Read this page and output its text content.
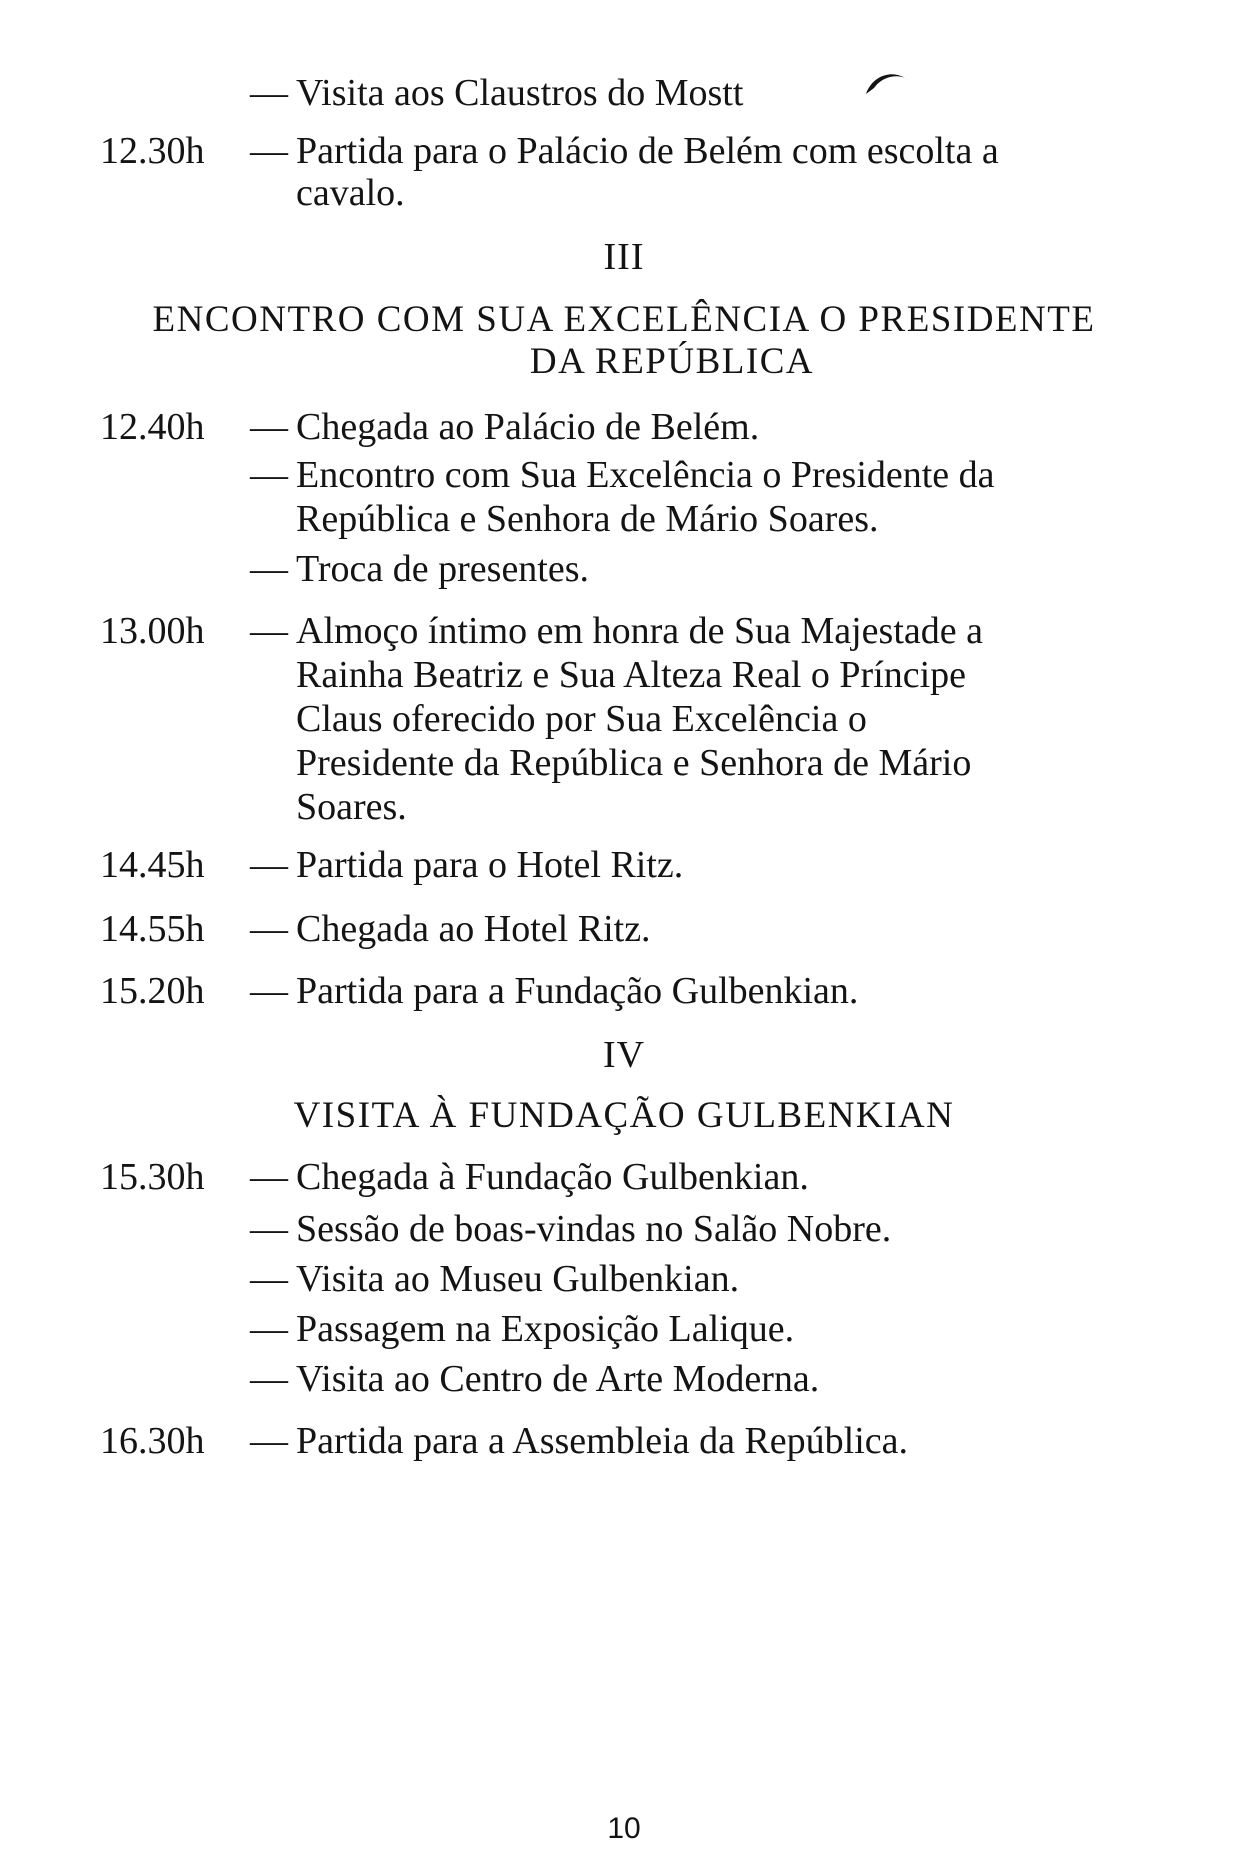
— Visita aos Claustros do Mostt
12.30h	— Partida para o Palácio de Belém com escolta a
cavalo.
III
ENCONTRO COM SUA EXCELÊNCIA O PRESIDENTE
DA REPÚBLICA
12.40h	— Chegada ao Palácio de Belém.
— Encontro com Sua Excelência o Presidente da
República e Senhora de Mário Soares.
— Troca de presentes.
13.00h	— Almoço íntimo em honra de Sua Majestade a
Rainha Beatriz e Sua Alteza Real o Príncipe
Claus oferecido por Sua Excelência o
Presidente da República e Senhora de Mário
Soares.
14.45h	— Partida para o Hotel Ritz.
14.55h	— Chegada ao Hotel Ritz.
15.20h	— Partida para a Fundação Gulbenkian.
IV
VISITA À FUNDAÇÃO GULBENKIAN
15.30h	— Chegada à Fundação Gulbenkian.
— Sessão de boas-vindas no Salão Nobre.
— Visita ao Museu Gulbenkian.
— Passagem na Exposição Lalique.
— Visita ao Centro de Arte Moderna.
16.30h	— Partida para a Assembleia da República.
10
